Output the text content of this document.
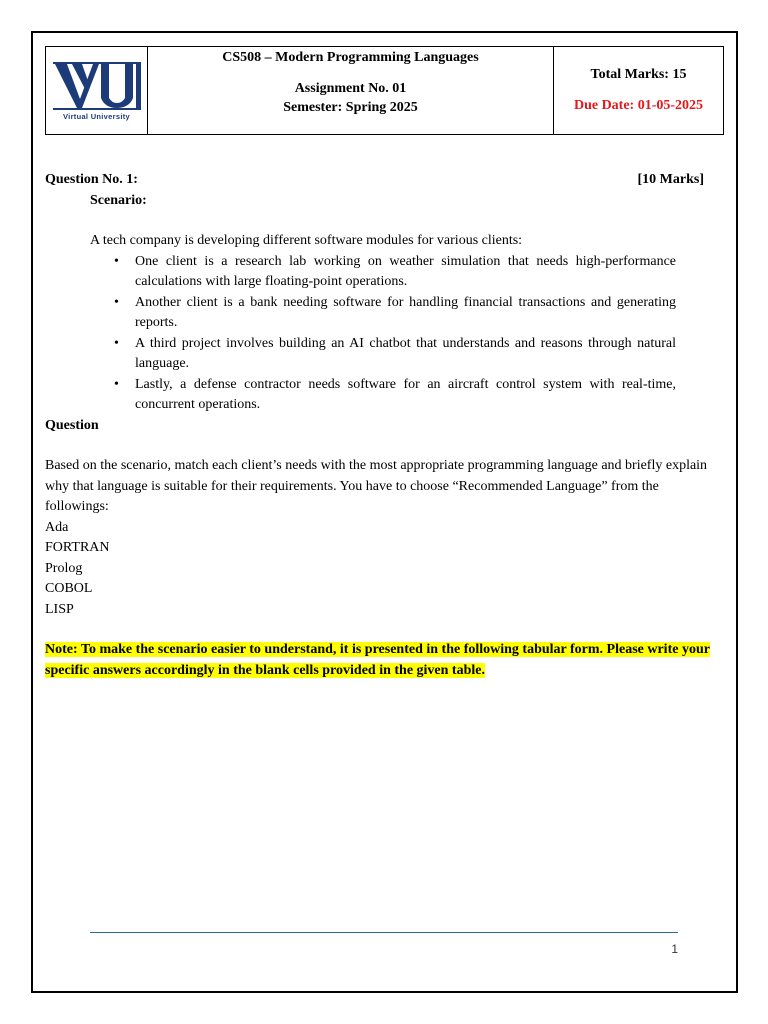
Virtual University
CS508 – Modern Programming Languages
Assignment No. 01
Semester: Spring 2025
Total Marks: 15
Due Date: 01-05-2025
Question No. 1:	[10 Marks]
Scenario:
A tech company is developing different software modules for various clients:
• One client is a research lab working on weather simulation that needs high-performance calculations with large floating-point operations.
• Another client is a bank needing software for handling financial transactions and generating reports.
• A third project involves building an AI chatbot that understands and reasons through natural language.
• Lastly, a defense contractor needs software for an aircraft control system with real-time, concurrent operations.
Question
Based on the scenario, match each client’s needs with the most appropriate programming language and briefly explain why that language is suitable for their requirements. You have to choose “Recommended Language” from the followings:
Ada
FORTRAN
Prolog
COBOL
LISP
Note: To make the scenario easier to understand, it is presented in the following tabular form. Please write your specific answers accordingly in the blank cells provided in the given table.
1
